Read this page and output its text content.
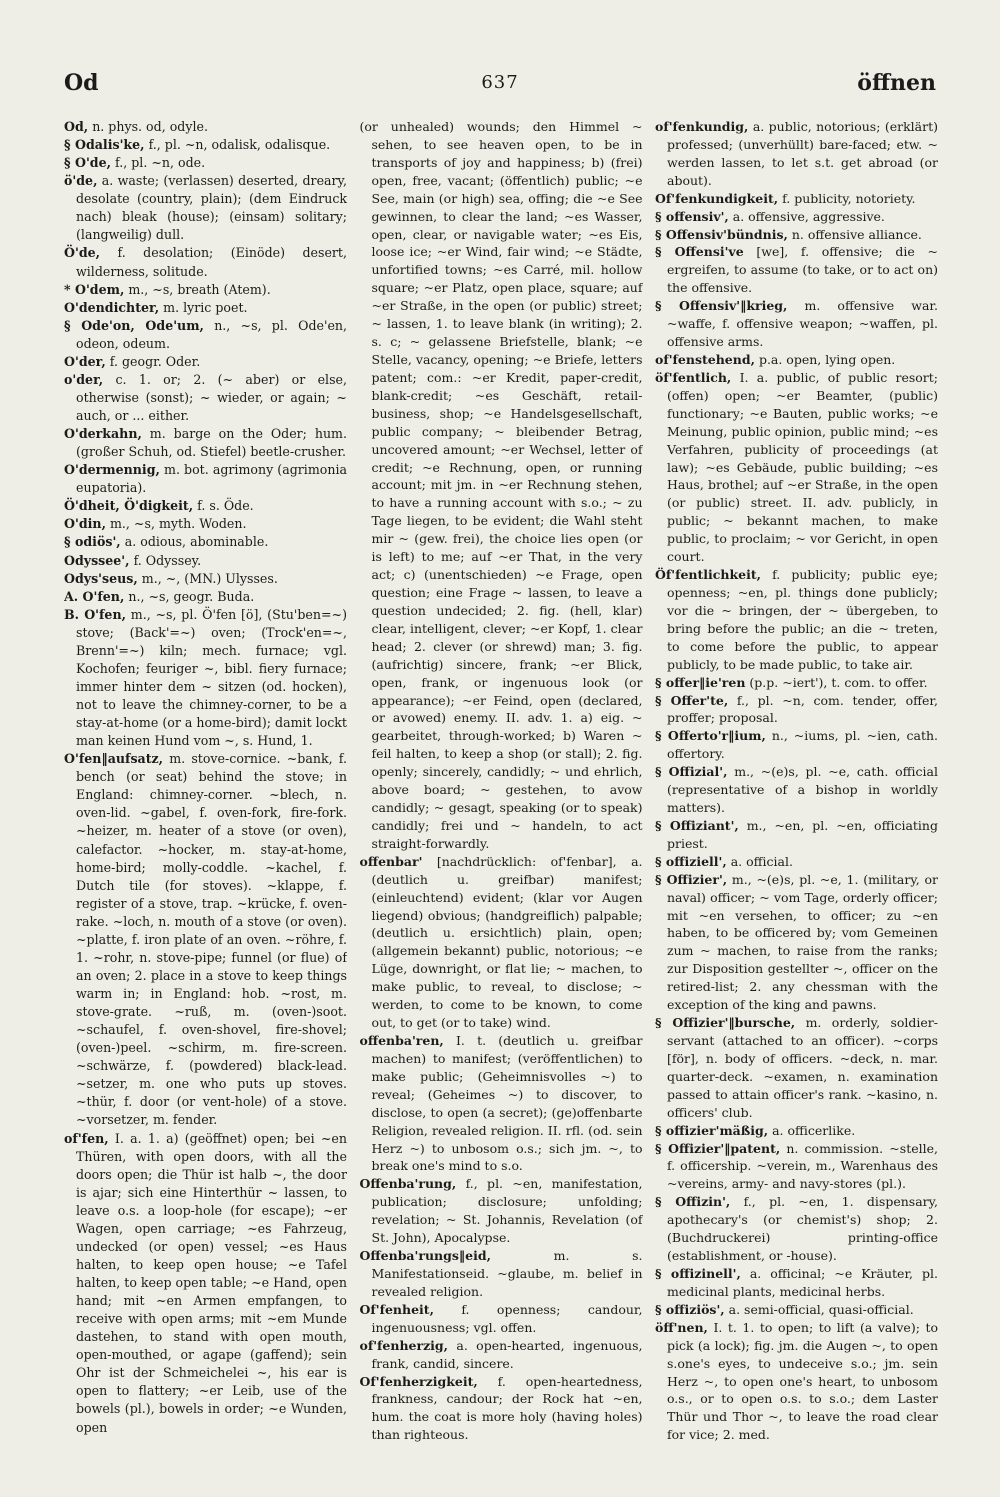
Od	637	öffnen

Od, n. phys. od, odyle.

§ Odalis'ke, f., pl. ~n, odalisk, odalisque.

§ O'de, f., pl. ~n, ode.

ö'de, a. waste; (verlassen) deserted, dreary, desolate (country, plain); (dem Eindruck nach) bleak (house); (einsam) solitary; (langweilig) dull.

Ö'de, f. desolation; (Einöde) desert, wilderness, solitude.

* O'dem, m., ~s, breath (Atem).

O'dendichter, m. lyric poet.

§ Ode'on, Ode'um, n., ~s, pl. Ode'en, odeon, odeum.

O'der, f. geogr. Oder.

o'der, c. 1. or; 2. (~ aber) or else, otherwise (sonst); ~ wieder, or again; ~ auch, or ... either.

O'derkahn, m. barge on the Oder; hum. (großer Schuh, od. Stiefel) beetle-crusher.

O'dermennig, m. bot. agrimony (agrimonia eupatoria).

Ö'dheit, Ö'digkeit, f. s. Öde.

O'din, m., ~s, myth. Woden.

§ odiös', a. odious, abominable.

Odyssee', f. Odyssey.

Odys'seus, m., ~, (MN.) Ulysses.

A. O'fen, n., ~s, geogr. Buda.

B. O'fen, m., ~s, pl. Ö'fen [ö], (Stu'ben=~) stove; (Back'=~) oven; (Trock'en=~, Brenn'=~) kiln; mech. furnace; vgl. Kochofen; feuriger ~, bibl. fiery furnace; immer hinter dem ~ sitzen (od. hocken), not to leave the chimney-corner, to be a stay-at-home (or a home-bird); damit lockt man keinen Hund vom ~, s. Hund, 1.

O'fen‖aufsatz, m. stove-cornice. ~bank, f. bench (or seat) behind the stove; in England: chimney-corner. ~blech, n. oven-lid. ~gabel, f. oven-fork, fire-fork. ~heizer, m. heater of a stove (or oven), calefactor. ~hocker, m. stay-at-home, home-bird; molly-coddle. ~kachel, f. Dutch tile (for stoves). ~klappe, f. register of a stove, trap. ~krücke, f. oven-rake. ~loch, n. mouth of a stove (or oven). ~platte, f. iron plate of an oven. ~röhre, f. 1. ~rohr, n. stove-pipe; funnel (or flue) of an oven; 2. place in a stove to keep things warm in; in England: hob. ~rost, m. stove-grate. ~ruß, m. (oven-)soot. ~schaufel, f. oven-shovel, fire-shovel; (oven-)peel. ~schirm, m. fire-screen. ~schwärze, f. (powdered) black-lead. ~setzer, m. one who puts up stoves. ~thür, f. door (or vent-hole) of a stove. ~vorsetzer, m. fender.

of'fen, I. a. 1. a) (geöffnet) open; bei ~en Thüren, with open doors, with all the doors open; die Thür ist halb ~, the door is ajar; sich eine Hinterthür ~ lassen, to leave o.s. a loop-hole (for escape); ~er Wagen, open carriage; ~es Fahrzeug, undecked (or open) vessel; ~es Haus halten, to keep open house; ~e Tafel halten, to keep open table; ~e Hand, open hand; mit ~en Armen empfangen, to receive with open arms; mit ~em Munde dastehen, to stand with open mouth, open-mouthed, or agape (gaffend); sein Ohr ist der Schmeichelei ~, his ear is open to flattery; ~er Leib, use of the bowels (pl.), bowels in order; ~e Wunden, open

(or unhealed) wounds; den Himmel ~ sehen, to see heaven open, to be in transports of joy and happiness; b) (frei) open, free, vacant; (öffentlich) public; ~e See, main (or high) sea, offing; die ~e See gewinnen, to clear the land; ~es Wasser, open, clear, or navigable water; ~es Eis, loose ice; ~er Wind, fair wind; ~e Städte, unfortified towns; ~es Carré, mil. hollow square; ~er Platz, open place, square; auf ~er Straße, in the open (or public) street; ~ lassen, 1. to leave blank (in writing); 2. s. c; ~ gelassene Briefstelle, blank; ~e Stelle, vacancy, opening; ~e Briefe, letters patent; com.: ~er Kredit, paper-credit, blank-credit; ~es Geschäft, retail-business, shop; ~e Handelsgesellschaft, public company; ~ bleibender Betrag, uncovered amount; ~er Wechsel, letter of credit; ~e Rechnung, open, or running account; mit jm. in ~er Rechnung stehen, to have a running account with s.o.; ~ zu Tage liegen, to be evident; die Wahl steht mir ~ (gew. frei), the choice lies open (or is left) to me; auf ~er That, in the very act; c) (unentschieden) ~e Frage, open question; eine Frage ~ lassen, to leave a question undecided; 2. fig. (hell, klar) clear, intelligent, clever; ~er Kopf, 1. clear head; 2. clever (or shrewd) man; 3. fig. (aufrichtig) sincere, frank; ~er Blick, open, frank, or ingenuous look (or appearance); ~er Feind, open (declared, or avowed) enemy. II. adv. 1. a) eig. ~ gearbeitet, through-worked; b) Waren ~ feil halten, to keep a shop (or stall); 2. fig. openly; sincerely, candidly; ~ und ehrlich, above board; ~ gestehen, to avow candidly; ~ gesagt, speaking (or to speak) candidly; frei und ~ handeln, to act straight-forwardly.

offenbar' [nachdrücklich: of'fenbar], a. (deutlich u. greifbar) manifest; (einleuchtend) evident; (klar vor Augen liegend) obvious; (handgreiflich) palpable; (deutlich u. ersichtlich) plain, open; (allgemein bekannt) public, notorious; ~e Lüge, downright, or flat lie; ~ machen, to make public, to reveal, to disclose; ~ werden, to come to be known, to come out, to get (or to take) wind.

offenba'ren, I. t. (deutlich u. greifbar machen) to manifest; (veröffentlichen) to make public; (Geheimnisvolles ~) to reveal; (Geheimes ~) to discover, to disclose, to open (a secret); (ge)offenbarte Religion, revealed religion. II. rfl. (od. sein Herz ~) to unbosom o.s.; sich jm. ~, to break one's mind to s.o.

Offenba'rung, f., pl. ~en, manifestation, publication; disclosure; unfolding; revelation; ~ St. Johannis, Revelation (of St. John), Apocalypse.

Offenba'rungs‖eid,	m. s. Manifestationseid. ~glaube, m. belief in revealed religion.

Of'fenheit, f. openness; candour, ingenuousness; vgl. offen.

of'fenherzig, a. open-hearted, ingenuous, frank, candid, sincere.

Of'fenherzigkeit, f. open-heartedness, frankness, candour; der Rock hat ~en, hum. the coat is more holy (having holes) than righteous.

of'fenkundig, a. public, notorious; (erklärt) professed; (unverhüllt) bare-faced; etw. ~ werden lassen, to let s.t. get abroad (or about).

Of'fenkundigkeit, f. publicity, notoriety.

§ offensiv', a. offensive, aggressive.

§ Offensiv'bündnis, n. offensive alliance.

§ Offensi've [we], f. offensive; die ~ ergreifen, to assume (to take, or to act on) the offensive.

§ Offensiv'‖krieg, m. offensive war. ~waffe, f. offensive weapon; ~waffen, pl. offensive arms.

of'fenstehend, p.a. open, lying open.

öf'fentlich, I. a. public, of public resort; (offen) open; ~er Beamter, (public) functionary; ~e Bauten, public works; ~e Meinung, public opinion, public mind; ~es Verfahren, publicity of proceedings (at law); ~es Gebäude, public building; ~es Haus, brothel; auf ~er Straße, in the open (or public) street. II. adv. publicly, in public; ~ bekannt machen, to make public, to proclaim; ~ vor Gericht, in open court.

Öf'fentlichkeit, f. publicity; public eye; openness; ~en, pl. things done publicly; vor die ~ bringen, der ~ übergeben, to bring before the public; an die ~ treten, to come before the public, to appear publicly, to be made public, to take air.

§ offer‖ie'ren (p.p. ~iert'), t. com. to offer.

§ Offer'te, f., pl. ~n, com. tender, offer, proffer; proposal.

§ Offerto'r‖ium, n., ~iums, pl. ~ien, cath. offertory.

§ Offizial', m., ~(e)s, pl. ~e, cath. official (representative of a bishop in worldly matters).

§ Offiziant', m., ~en, pl. ~en, officiating priest.

§ offiziell', a. official.

§ Offizier', m., ~(e)s, pl. ~e, 1. (military, or naval) officer; ~ vom Tage, orderly officer; mit ~en versehen, to officer; zu ~en haben, to be officered by; vom Gemeinen zum ~ machen, to raise from the ranks; zur Disposition gestellter ~, officer on the retired-list; 2. any chessman with the exception of the king and pawns.

§ Offizier'‖bursche, m. orderly, soldier-servant (attached to an officer). ~corps [för], n. body of officers. ~deck, n. mar. quarter-deck. ~examen, n. examination passed to attain officer's rank. ~kasino, n. officers' club.

§ offizier'mäßig, a. officerlike.

§ Offizier'‖patent, n. commission. ~stelle, f. officership. ~verein, m., Warenhaus des ~vereins, army- and navy-stores (pl.).

§ Offizin', f., pl. ~en, 1. dispensary, apothecary's (or chemist's) shop; 2. (Buchdruckerei) printing-office (establishment, or -house).

§ offizinell', a. officinal; ~e Kräuter, pl. medicinal plants, medicinal herbs.

§ offiziös', a. semi-official, quasi-official.

öff'nen, I. t. 1. to open; to lift (a valve); to pick (a lock); fig. jm. die Augen ~, to open s.one's eyes, to undeceive s.o.; jm. sein Herz ~, to open one's heart, to unbosom o.s., or to open o.s. to s.o.; dem Laster Thür und Thor ~, to leave the road clear for vice; 2. med.
